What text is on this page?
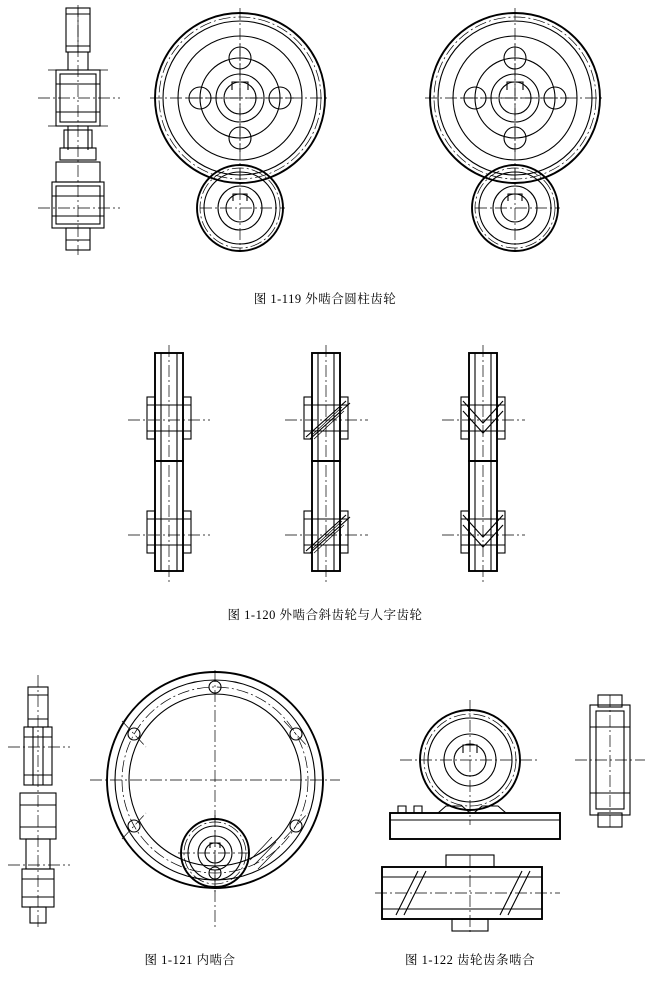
图 1-119 外啮合圆柱齿轮
图 1-120 外啮合斜齿轮与人字齿轮
图 1-121 内啮合	图 1-122 齿轮齿条啮合
